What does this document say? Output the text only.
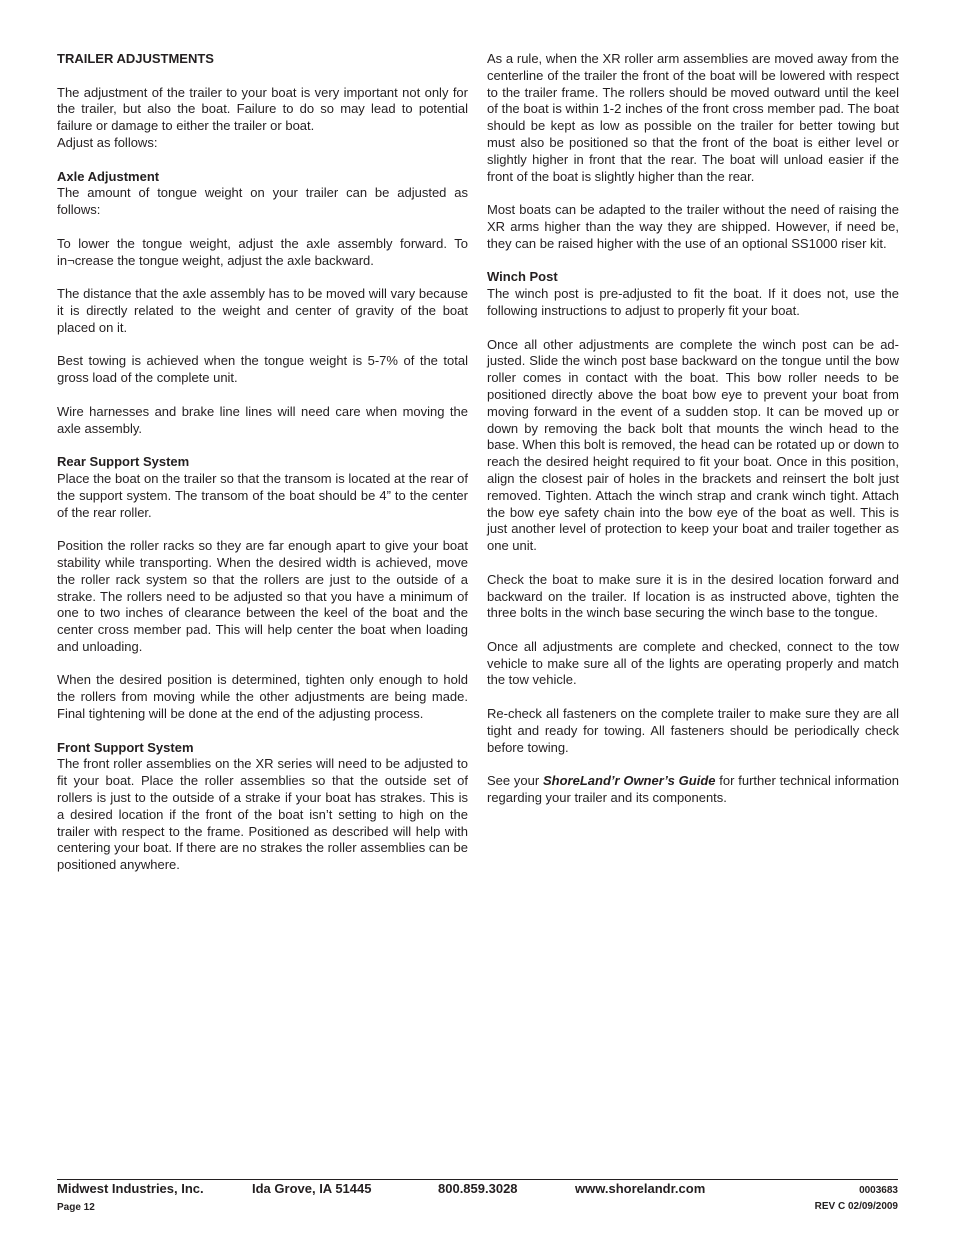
TRAILER ADJUSTMENTS

The adjustment of the trailer to your boat is very important not only for the trailer, but also the boat. Failure to do so may lead to potential failure or damage to either the trailer or boat.
Adjust as follows:

Axle Adjustment

The amount of tongue weight on your trailer can be adjusted as follows:

To lower the tongue weight, adjust the axle assembly forward. To in¬crease the tongue weight, adjust the axle backward.

The distance that the axle assembly has to be moved will vary because it is directly related to the weight and center of gravity of the boat placed on it.

Best towing is achieved when the tongue weight is 5-7% of the total gross load of the complete unit.

Wire harnesses and brake line lines will need care when moving the axle assembly.

Rear Support System

Place the boat on the trailer so that the transom is located at the rear of the support system. The transom of the boat should be 4” to the center of the rear roller.

Position the roller racks so they are far enough apart to give your boat stability while transporting. When the desired width is achieved, move the roller rack system so that the rollers are just to the outside of a strake. The rollers need to be adjusted so that you have a minimum of one to two inches of clearance between the keel of the boat and the center cross member pad. This will help center the boat when loading and unloading.

When the desired position is determined, tighten only enough to hold the rollers from moving while the other adjustments are being made. Final tightening will be done at the end of the adjusting process.

Front Support System

The front roller assemblies on the XR series will need to be adjusted to fit your boat. Place the roller assemblies so that the outside set of rollers is just to the outside of a strake if your boat has strakes. This is a desired location if the front of the boat isn’t setting to high on the trailer with respect to the frame. Positioned as described will help with centering your boat. If there are no strakes the roller assemblies can be positioned anywhere.

As a rule, when the XR roller arm assemblies are moved away from the centerline of the trailer the front of the boat will be lowered with respect to the trailer frame. The rollers should be moved outward until the keel of the boat is within 1-2 inches of the front cross member pad. The boat should be kept as low as possible on the trailer for better towing but must also be positioned so that the front of the boat is either level or slightly higher in front that the rear. The boat will unload easier if the front of the boat is slightly higher than the rear.

Most boats can be adapted to the trailer without the need of raising the XR arms higher than the way they are shipped. However, if need be, they can be raised higher with the use of an optional SS1000 riser kit.

Winch Post

The winch post is pre-adjusted to fit the boat. If it does not, use the following instructions to adjust to properly fit your boat.

Once all other adjustments are complete the winch post can be adjusted. Slide the winch post base backward on the tongue until the bow roller comes in contact with the boat. This bow roller needs to be positioned directly above the boat bow eye to prevent your boat from moving forward in the event of a sudden stop. It can be moved up or down by removing the back bolt that mounts the winch head to the base. When this bolt is removed, the head can be rotated up or down to reach the desired height required to fit your boat. Once in this position, align the closest pair of holes in the brackets and reinsert the bolt just removed. Tighten. Attach the winch strap and crank winch tight. Attach the bow eye safety chain into the bow eye of the boat as well. This is just another level of protection to keep your boat and trailer together as one unit.

Check the boat to make sure it is in the desired location forward and backward on the trailer. If location is as instructed above, tighten the three bolts in the winch base securing the winch base to the tongue.

Once all adjustments are complete and checked, connect to the tow vehicle to make sure all of the lights are operating properly and match the tow vehicle.

Re-check all fasteners on the complete trailer to make sure they are all tight and ready for towing. All fasteners should be periodically check before towing.

See your ShoreLand’r Owner’s Guide for further technical information regarding your trailer and its components.

Midwest Industries, Inc.	Ida Grove, IA 51445	800.859.3028	www.shorelandr.com	0003683
Page 12	REV C 02/09/2009
